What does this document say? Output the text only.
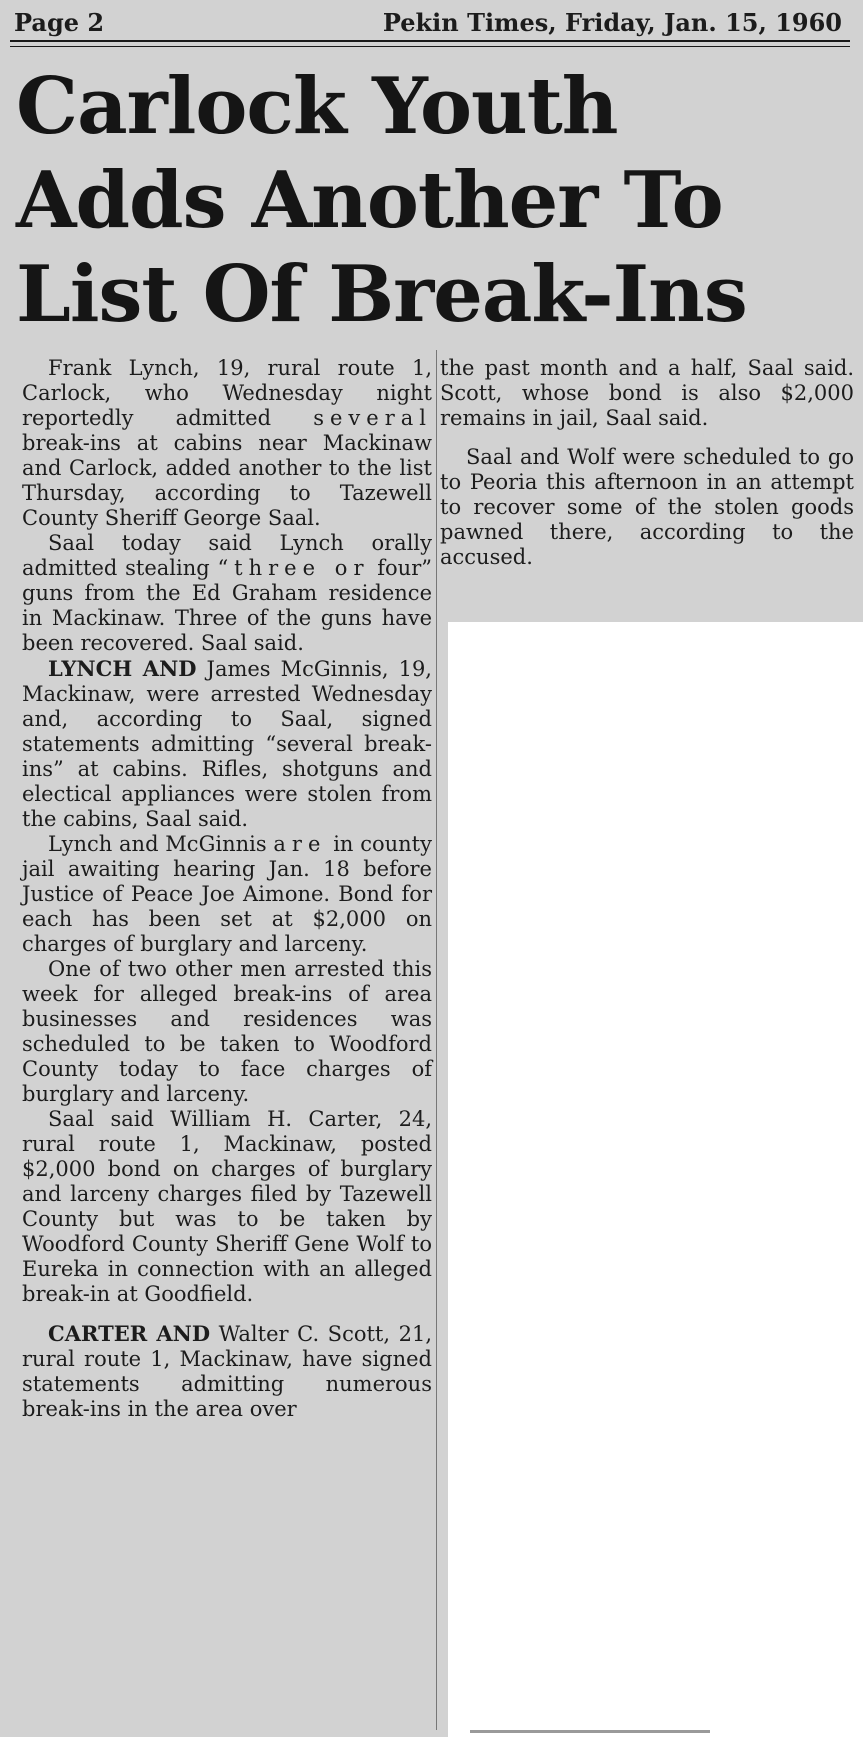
Page 2	Pekin Times, Friday, Jan. 15, 1960
Carlock Youth
Adds Another To
List Of Break-Ins

Frank Lynch, 19, rural route 1, Carlock, who Wednesday night reportedly admitted several break-ins at cabins near Mackinaw and Carlock, added another to the list Thursday, according to Tazewell County Sheriff George Saal.

Saal today said Lynch orally admitted stealing “three or four” guns from the Ed Graham residence in Mackinaw. Three of the guns have been recovered. Saal said.

LYNCH AND James McGinnis, 19, Mackinaw, were arrested Wednesday and, according to Saal, signed statements admitting “several break-ins” at cabins. Rifles, shotguns and electical appliances were stolen from the cabins, Saal said.

Lynch and McGinnis are in county jail awaiting hearing Jan. 18 before Justice of Peace Joe Aimone. Bond for each has been set at $2,000 on charges of burglary and larceny.

One of two other men arrested this week for alleged break-ins of area businesses and residences was scheduled to be taken to Woodford County today to face charges of burglary and larceny.

Saal said William H. Carter, 24, rural route 1, Mackinaw, posted $2,000 bond on charges of burglary and larceny charges filed by Tazewell County but was to be taken by Woodford County Sheriff Gene Wolf to Eureka in connection with an alleged break-in at Goodfield.

CARTER AND Walter C. Scott, 21, rural route 1, Mackinaw, have signed statements admitting numerous break-ins in the area over

the past month and a half, Saal said. Scott, whose bond is also $2,000 remains in jail, Saal said.

Saal and Wolf were scheduled to go to Peoria this afternoon in an attempt to recover some of the stolen goods pawned there, according to the accused.
